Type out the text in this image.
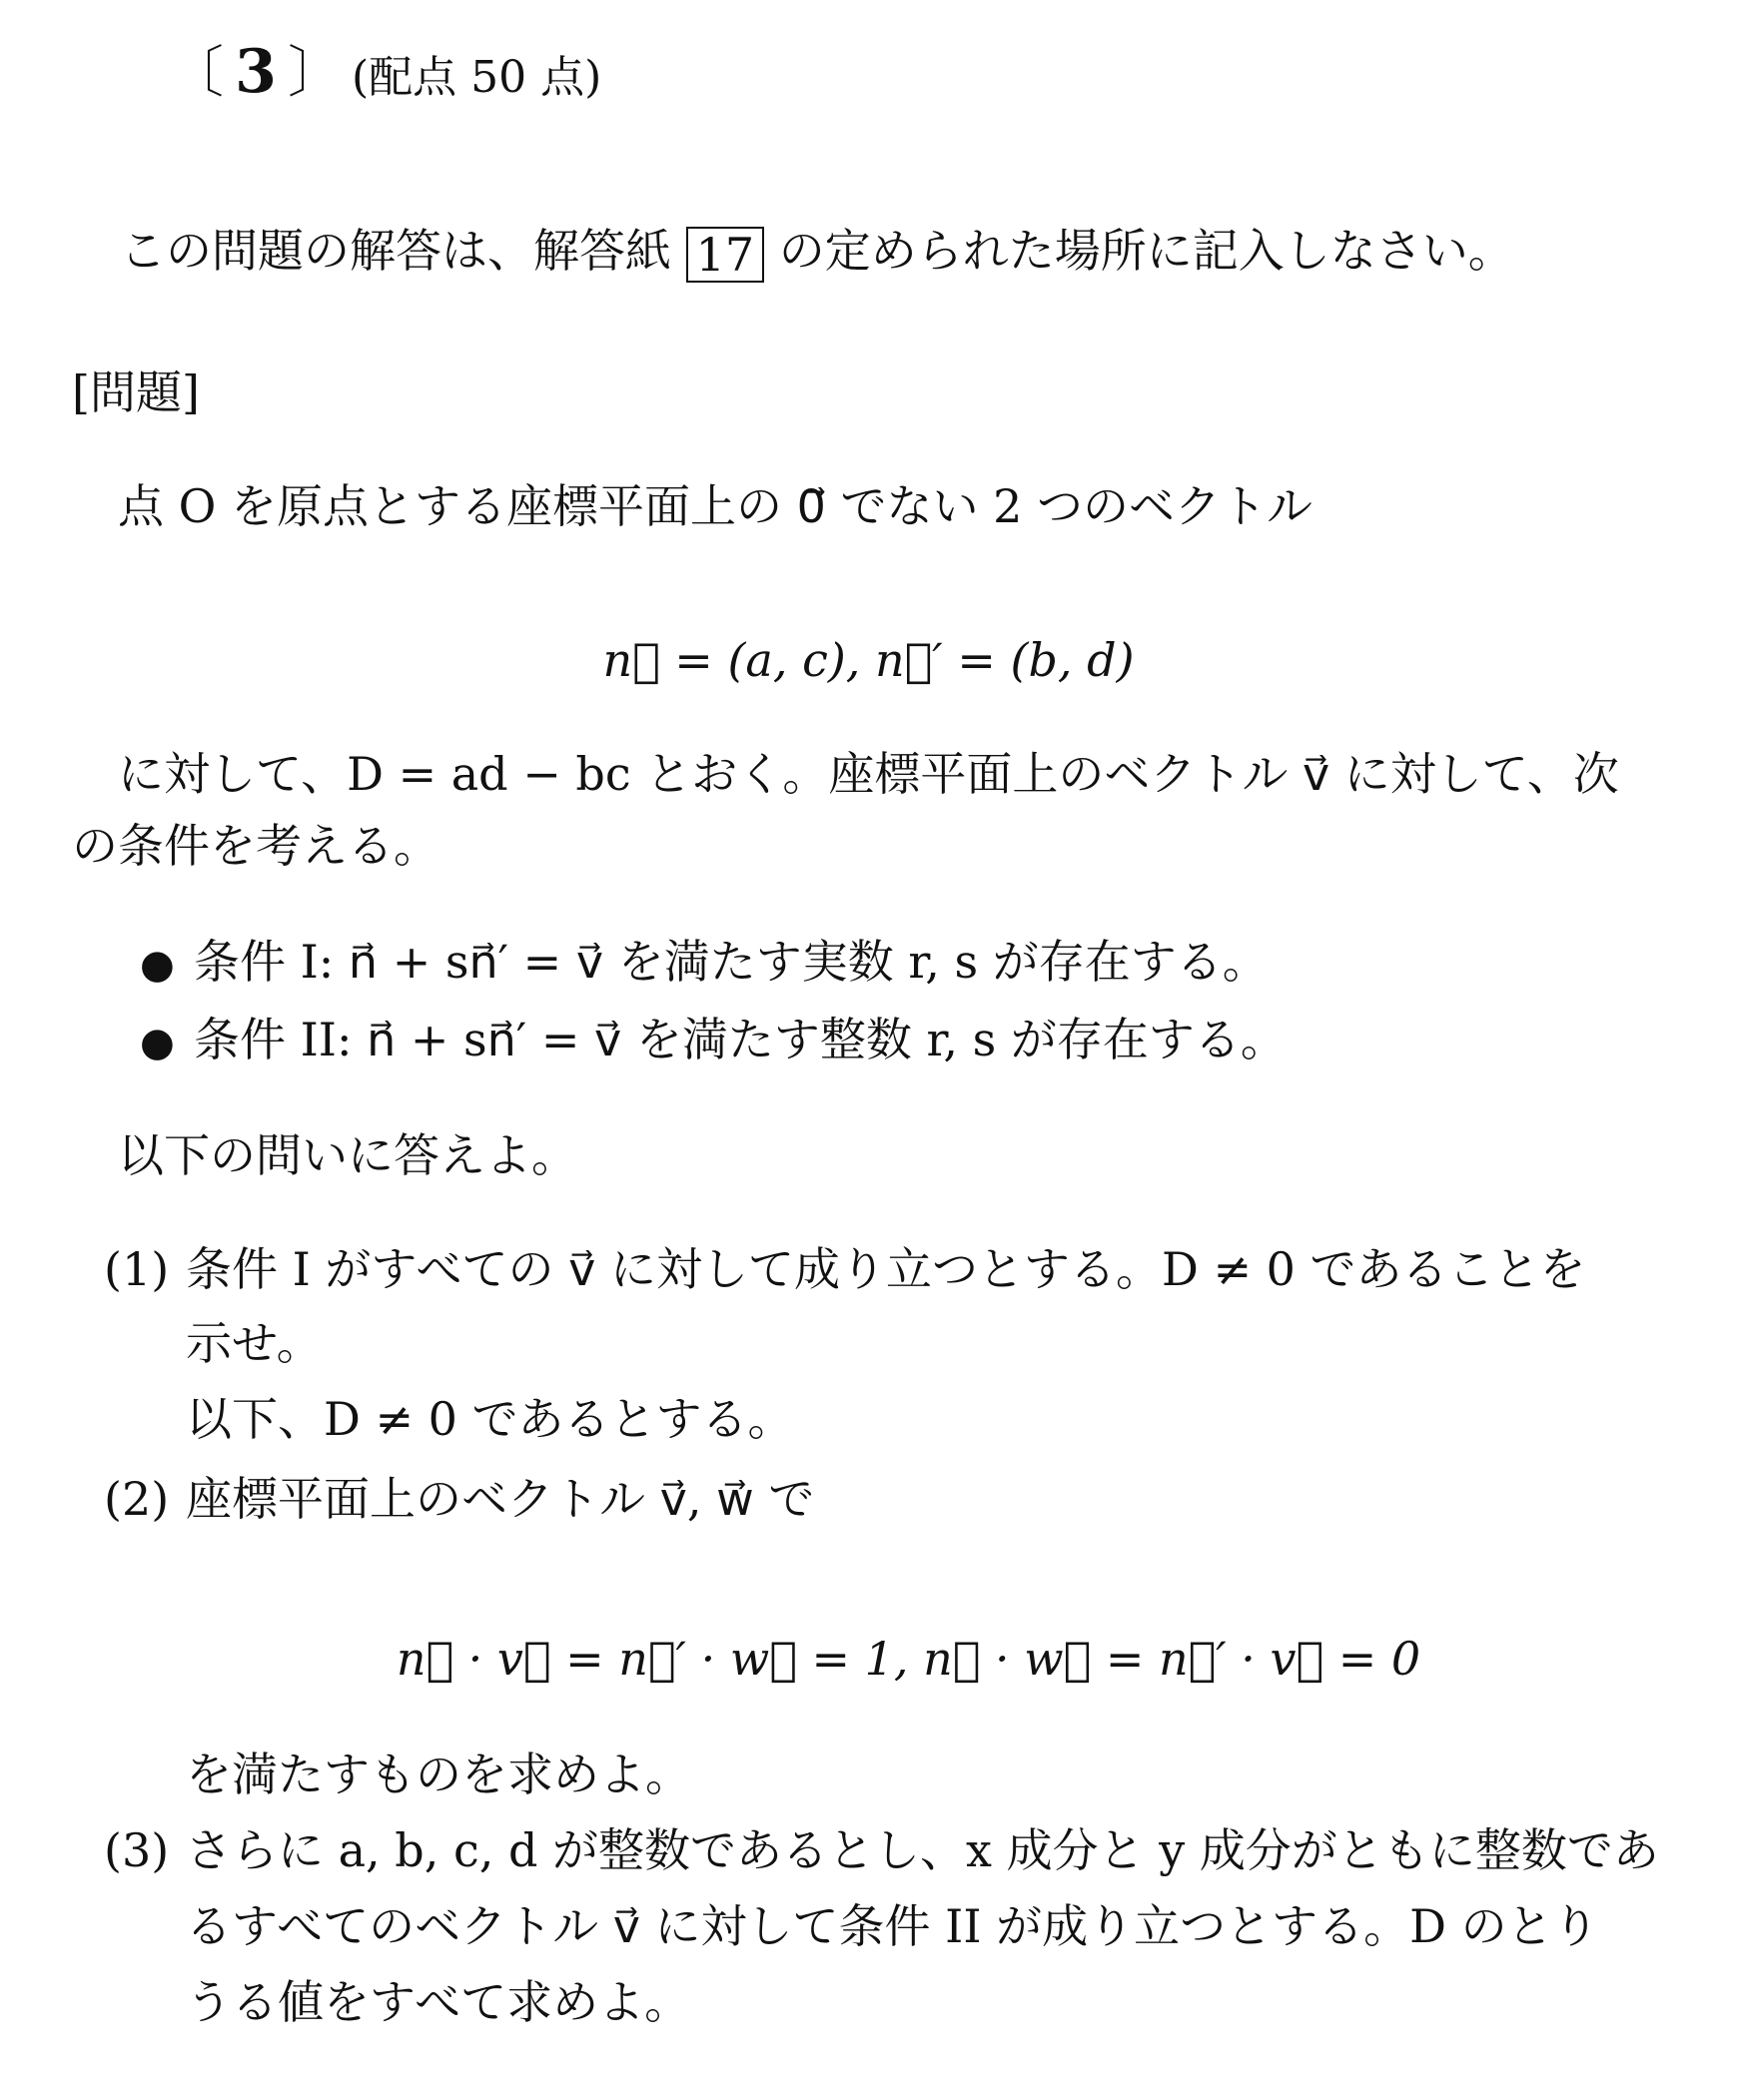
〔 3 〕 (配点 50 点)
この問題の解答は、解答紙 17 の定められた場所に記入しなさい。
[問題]
点 O を原点とする座標平面上の 0⃗ でない 2 つのベクトル
n⃗ = (a, c), n⃗′ = (b, d)
に対して、D = ad − bc とおく。座標平面上のベクトル v⃗ に対して、次
の条件を考える。
● 条件 I: n⃗ + sn⃗′ = v⃗ を満たす実数 r, s が存在する。
● 条件 II: n⃗ + sn⃗′ = v⃗ を満たす整数 r, s が存在する。
以下の問いに答えよ。
(1) 条件 I がすべての v⃗ に対して成り立つとする。D ≠ 0 であることを
示せ。
以下、D ≠ 0 であるとする。
(2) 座標平面上のベクトル v⃗, w⃗ で
n⃗ · v⃗ = n⃗′ · w⃗ = 1, n⃗ · w⃗ = n⃗′ · v⃗ = 0
を満たすものを求めよ。
(3) さらに a, b, c, d が整数であるとし、x 成分と y 成分がともに整数であ
るすべてのベクトル v⃗ に対して条件 II が成り立つとする。D のとり
うる値をすべて求めよ。
